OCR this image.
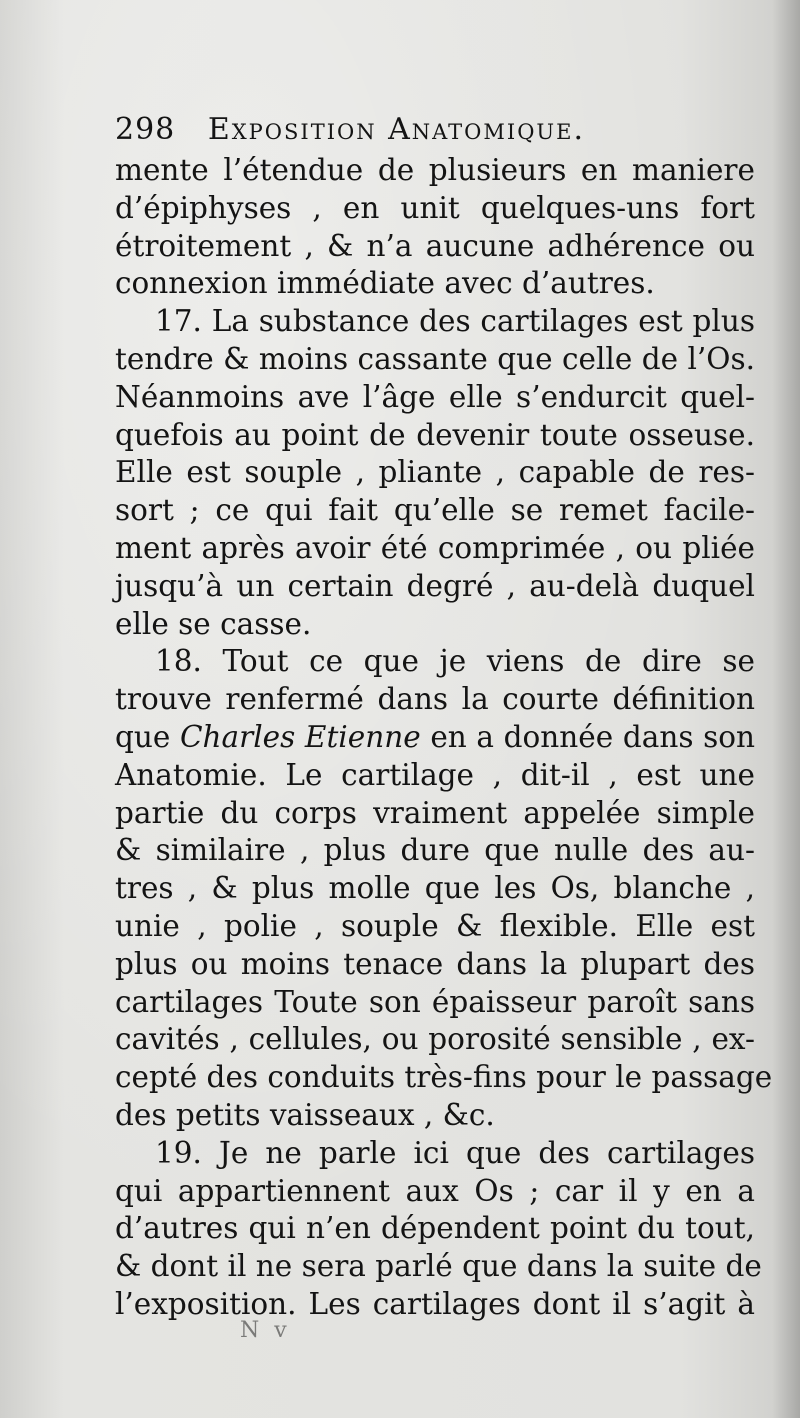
298 Exposition Anatomique.
mente l’étendue de plusieurs en maniere
d’épiphyses , en unit quelques-uns fort
étroitement , & n’a aucune adhérence ou
connexion immédiate avec d’autres.
17. La substance des cartilages est plus
tendre & moins cassante que celle de l’Os.
Néanmoins ave l’âge elle s’endurcit quel-
quefois au point de devenir toute osseuse.
Elle est souple , pliante , capable de res-
sort ; ce qui fait qu’elle se remet facile-
ment après avoir été comprimée , ou pliée
jusqu’à un certain degré , au-delà duquel
elle se casse.
18. Tout ce que je viens de dire se
trouve renfermé dans la courte définition
que Charles Etienne en a donnée dans son
Anatomie. Le cartilage , dit-il , est une
partie du corps vraiment appelée simple
& similaire , plus dure que nulle des au-
tres , & plus molle que les Os, blanche ,
unie , polie , souple & flexible. Elle est
plus ou moins tenace dans la plupart des
cartilages Toute son épaisseur paroît sans
cavités , cellules, ou porosité sensible , ex-
cepté des conduits très-fins pour le passage
des petits vaisseaux , &c.
19. Je ne parle ici que des cartilages
qui appartiennent aux Os ; car il y en a
d’autres qui n’en dépendent point du tout,
& dont il ne sera parlé que dans la suite de
l’exposition. Les cartilages dont il s’agit à
N v
